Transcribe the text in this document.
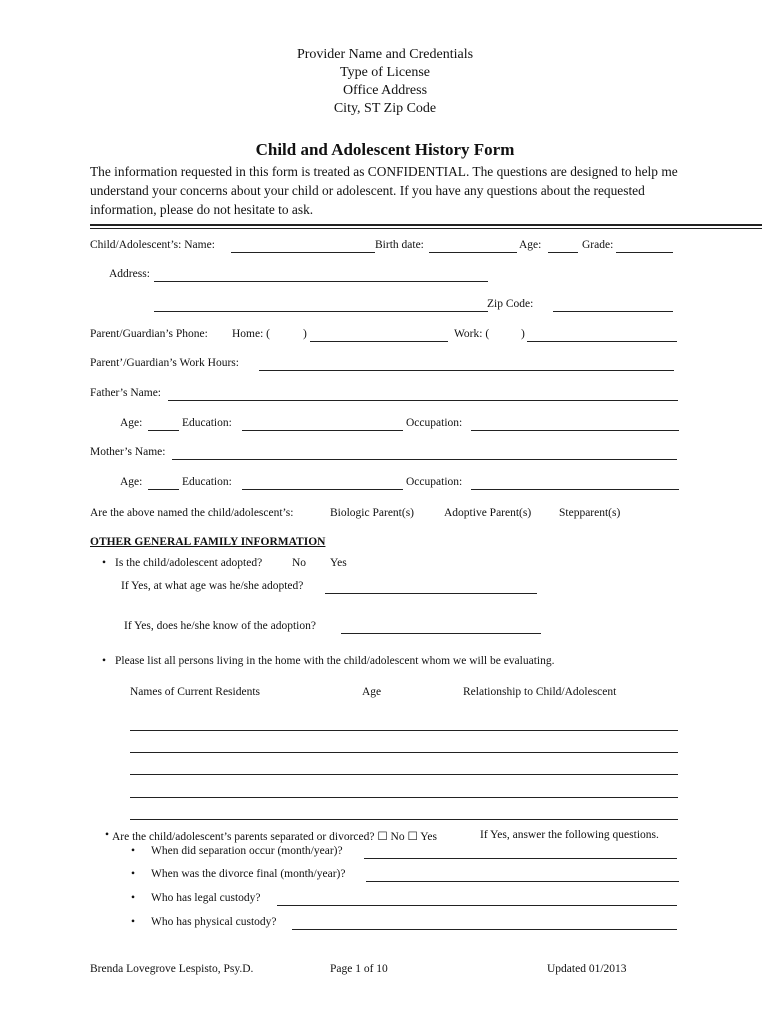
Provider Name and Credentials
Type of License
Office Address
City, ST Zip Code
Child and Adolescent History Form
The information requested in this form is treated as CONFIDENTIAL. The questions are designed to help me understand your concerns about your child or adolescent. If you have any questions about the requested information, please do not hesitate to ask.
Child/Adolescent’s: Name:	Birth date:	Age:	Grade:
Address:
Zip Code:
Parent/Guardian’s Phone: Home: (	)	Work: (	)
Parent’/Guardian’s Work Hours:
Father’s Name:
Age:	Education:	Occupation:
Mother’s Name:
Age:	Education:	Occupation:
Are the above named the child/adolescent’s:	Biologic Parent(s)	Adoptive Parent(s) Stepparent(s)
OTHER GENERAL FAMILY INFORMATION
• Is the child/adolescent adopted?	No Yes
If Yes, at what age was he/she adopted?
If Yes, does he/she know of the adoption?
• Please list all persons living in the home with the child/adolescent whom we will be evaluating.
Names of Current Residents	Age	Relationship to Child/Adolescent
• Are the child/adolescent’s parents separated or divorced? ☐ No ☐ Yes	If Yes, answer the following questions.
• When did separation occur (month/year)?
• When was the divorce final (month/year)?
• Who has legal custody?
• Who has physical custody?
Brenda Lovegrove Lespisto, Psy.D.	Page 1 of 10	Updated 01/2013
